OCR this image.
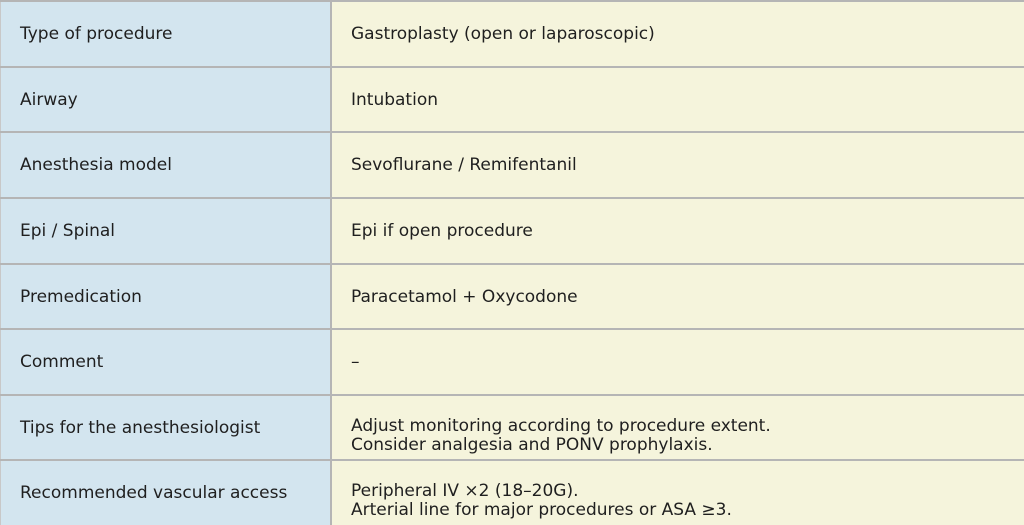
Type of procedure	Gastroplasty (open or laparoscopic)
Airway	Intubation
Anesthesia model	Sevoflurane / Remifentanil
Epi / Spinal	Epi if open procedure
Premedication	Paracetamol + Oxycodone
Comment	–
Tips for the anesthesiologist	Adjust monitoring according to procedure extent.
Consider analgesia and PONV prophylaxis.
Recommended vascular access	Peripheral IV ×2 (18–20G).
Arterial line for major procedures or ASA ≥3.
